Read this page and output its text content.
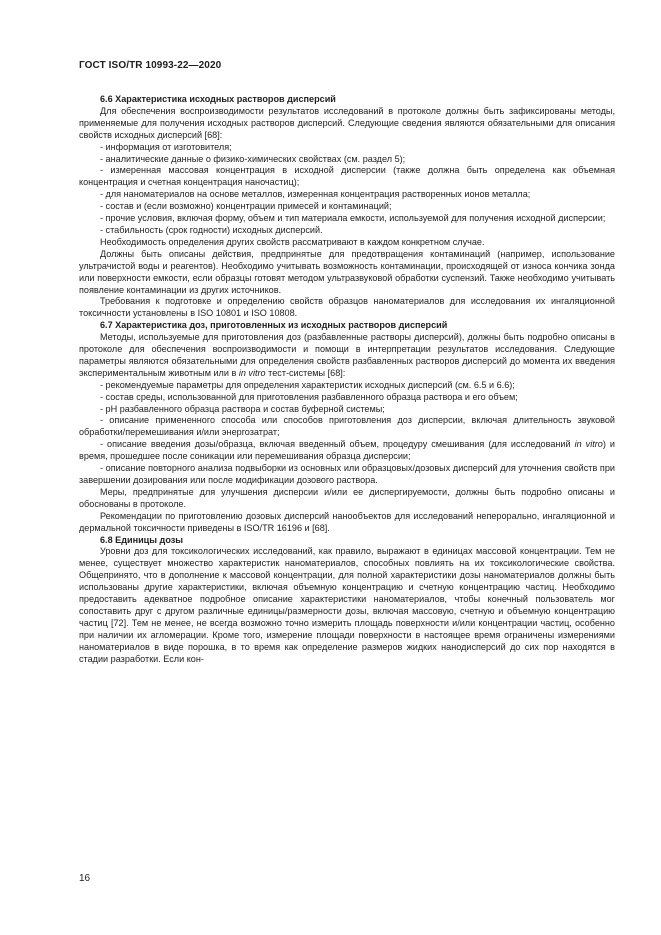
ГОСТ ISO/TR 10993-22—2020

6.6 Характеристика исходных растворов дисперсий

Для обеспечения воспроизводимости результатов исследований в протоколе должны быть зафиксированы методы, применяемые для получения исходных растворов дисперсий. Следующие сведения являются обязательными для описания свойств исходных дисперсий [68]:

- информация от изготовителя;

- аналитические данные о физико-химических свойствах (см. раздел 5);

- измеренная массовая концентрация в исходной дисперсии (также должна быть определена как объемная концентрация и счетная концентрация наночастиц);

- для наноматериалов на основе металлов, измеренная концентрация растворенных ионов металла;

- состав и (если возможно) концентрации примесей и контаминаций;

- прочие условия, включая форму, объем и тип материала емкости, используемой для получения исходной дисперсии;

- стабильность (срок годности) исходных дисперсий.

Необходимость определения других свойств рассматривают в каждом конкретном случае.

Должны быть описаны действия, предпринятые для предотвращения контаминаций (например, использование ультрачистой воды и реагентов). Необходимо учитывать возможность контаминации, происходящей от износа кончика зонда или поверхности емкости, если образцы готовят методом ультразвуковой обработки суспензий. Также необходимо учитывать появление контаминации из других источников.

Требования к подготовке и определению свойств образцов наноматериалов для исследования их ингаляционной токсичности установлены в ISO 10801 и ISO 10808.

6.7 Характеристика доз, приготовленных из исходных растворов дисперсий

Методы, используемые для приготовления доз (разбавленные растворы дисперсий), должны быть подробно описаны в протоколе для обеспечения воспроизводимости и помощи в интерпретации результатов исследования. Следующие параметры являются обязательными для определения свойств разбавленных растворов дисперсий до момента их введения экспериментальным животным или в in vitro тест-системы [68]:

- рекомендуемые параметры для определения характеристик исходных дисперсий (см. 6.5 и 6.6);

- состав среды, использованной для приготовления разбавленного образца раствора и его объем;

- pH разбавленного образца раствора и состав буферной системы;

- описание примененного способа или способов приготовления доз дисперсии, включая длительность звуковой обработки/перемешивания и/или энергозатрат;

- описание введения дозы/образца, включая введенный объем, процедуру смешивания (для исследований in vitro) и время, прошедшее после соникации или перемешивания образца дисперсии;

- описание повторного анализа подвыборки из основных или образцовых/дозовых дисперсий для уточнения свойств при завершении дозирования или после модификации дозового раствора.

Меры, предпринятые для улучшения дисперсии и/или ее диспергируемости, должны быть подробно описаны и обоснованы в протоколе.

Рекомендации по приготовлению дозовых дисперсий нанообъектов для исследований неперорально, ингаляционной и дермальной токсичности приведены в ISO/TR 16196 и [68].

6.8 Единицы дозы

Уровни доз для токсикологических исследований, как правило, выражают в единицах массовой концентрации. Тем не менее, существует множество характеристик наноматериалов, способных повлиять на их токсикологические свойства. Общепринято, что в дополнение к массовой концентрации, для полной характеристики дозы наноматериалов должны быть использованы другие характеристики, включая объемную концентрацию и счетную концентрацию частиц. Необходимо предоставить адекватное подробное описание характеристики наноматериалов, чтобы конечный пользователь мог сопоставить друг с другом различные единицы/размерности дозы, включая массовую, счетную и объемную концентрацию частиц [72]. Тем не менее, не всегда возможно точно измерить площадь поверхности и/или концентрации частиц, особенно при наличии их агломерации. Кроме того, измерение площади поверхности в настоящее время ограничены измерениями наноматериалов в виде порошка, в то время как определение размеров жидких нанодисперсий до сих пор находятся в стадии разработки. Если кон-

16
